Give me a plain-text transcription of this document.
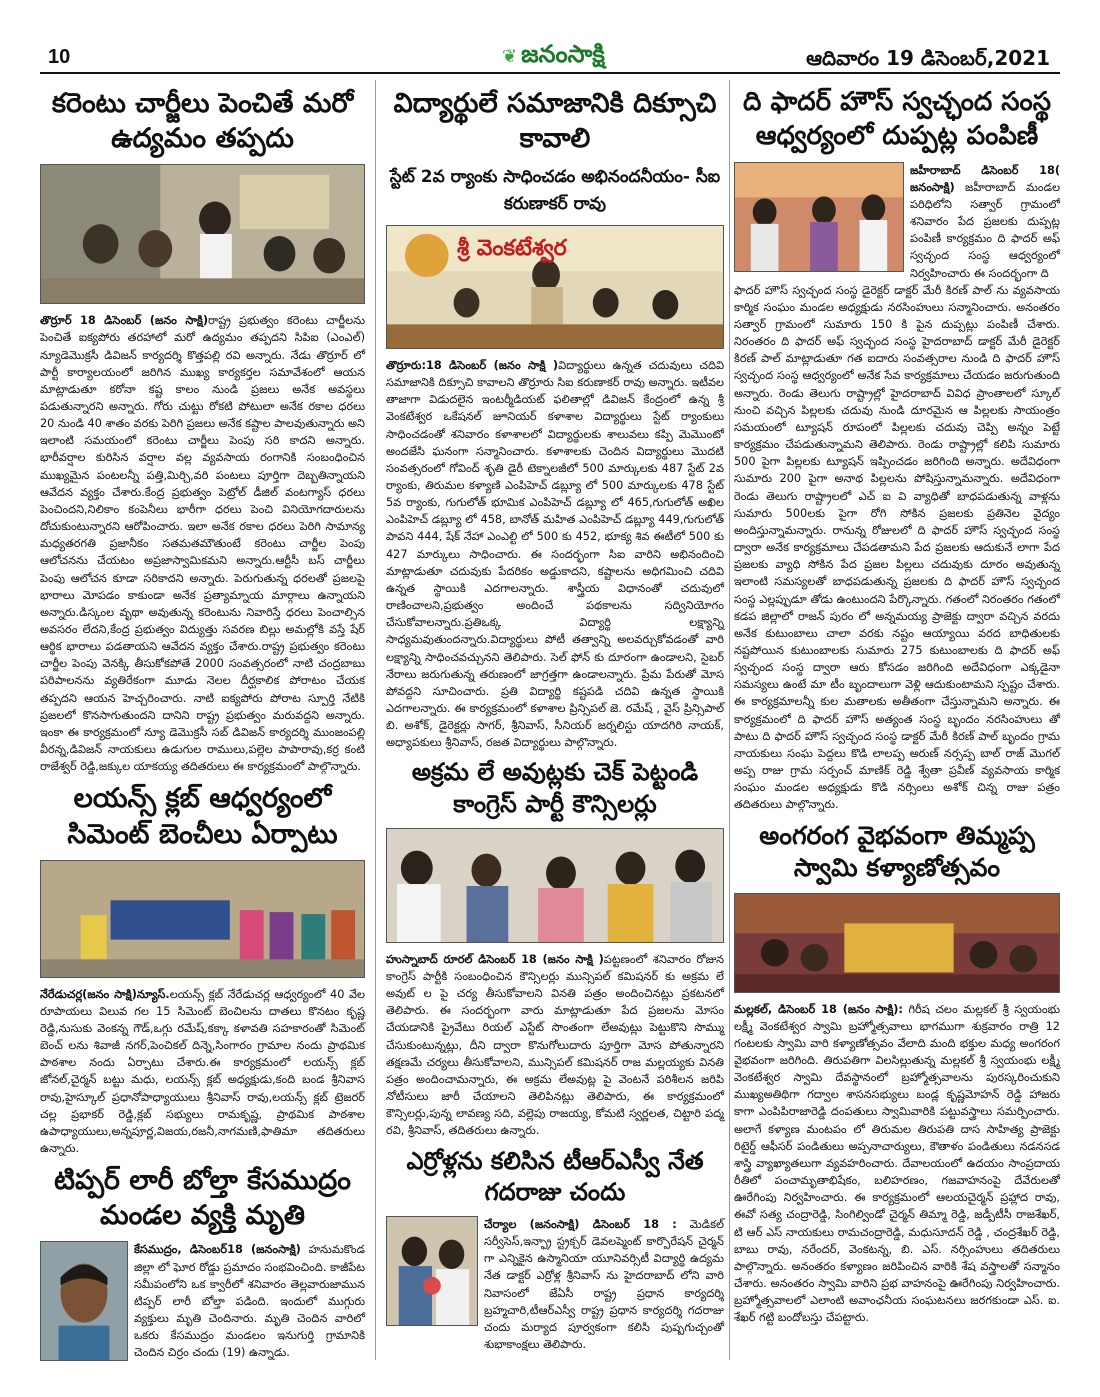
10	❦ జనంసాక్షి	ఆదివారం 19 డిసెంబర్,2021
కరెంటు చార్జీలు పెంచితే మరో ఉద్యమం తప్పదు

తొర్రూర్ 18 డిసెంబర్ (జనం సాక్షి)రాష్ట్ర ప్రభుత్వం కరెంటు చార్జీలను పెంచితే ఐక్యపోరు తరహాలో మరో ఉద్యమం తప్పదని సిపిఐ (ఎంఎల్) న్యూడెమొక్రసీ డివిజన్ కార్యదర్శి కొత్తపల్లి రవి అన్నారు. నేడు తొర్రూర్ లో పార్టీ కార్యాలయంలో జరిగిన ముఖ్య కార్యకర్తల సమావేశంలో ఆయన మాట్లాడుతూ కరోనా కష్ట కాలం నుండి ప్రజలు అనేక అవస్థలు పడుతున్నారని అన్నారు. గోరు చుట్టు రోకటి పోటులా అనేక రకాల ధరలు 20 నుండి 40 శాతం వరకు పెరిగి ప్రజలు అనేక కష్టాల పాలవుతున్నారు అని ఇలాంటి సమయంలో కరెంటు చార్జీలు పెంపు సరి కాదని అన్నారు. భారీవర్షాల కురిసిన వర్షాల వల్ల వ్యవసాయ రంగానికి సంబంధించిన ముఖ్యమైన పంటలన్నీ పత్తి,మిర్చి,వరి పంటలు పూర్తిగా దెబ్బతిన్నాయని ఆవేదన వ్యక్తం చేశారు.కేంద్ర ప్రభుత్వం పెట్రోల్ డీజిల్ వంటగ్యాస్ ధరలు పెంచిందని,నిలికాం కంపెనీలు భారీగా ధరలు పెంచి వినియోగదారులను దోచుకుంటున్నారని ఆరోపించారు. ఇలా అనేక రకాల ధరలు పెరిగి సామాన్య మధ్యతరగతి ప్రజానీకం సతమతమౌతుంటే కరెంటు చార్జీల పెంపు ఆలోచనను చేయటం అప్రజాస్వామికమని అన్నారు.ఆర్టీసీ బస్ చార్జీలు పెంపు ఆలోచన కూడా సరికాదని అన్నారు. పెరుగుతున్న ధరలతో ప్రజలపై భారాలు మోపడం కాకుండా అనేక ప్రత్యామ్నాయ మార్గాలు ఉన్నాయని అన్నారు.డిస్కంల వృథా అవుతున్న కరెంటును నివారిస్తే ధరలు పెంచాల్సిన అవసరం లేదని,కేంద్ర ప్రభుత్వం విద్యుత్తు సవరణ బిల్లు అమల్లోకి వస్తే షేర్ ఆర్థిక భారాలు పడతాయని ఆవేదన వ్యక్తం చేశారు.రాష్ట్ర ప్రభుత్వం కరెంటు చార్జీల పెంపు వెనక్కి తీసుకోకపోతే 2000 సంవత్సరంలో నాటి చంద్రబాబు పరిపాలనను వ్యతిరేకంగా మూడు నెలల దీర్ఘకాలిక పోరాటం చేయక తప్పదని ఆయన హెచ్చరించారు. నాటి ఐక్యపోరు పోరాట స్పూర్తి నేటికి ప్రజలలో కొనసాగుతుందని దానిని రాష్ట్ర ప్రభుత్వం మరువద్దని అన్నారు. ఇంకా ఈ కార్యక్రమంలో న్యూ డెమొక్రసీ సబ్ డివిజన్ కార్యదర్శి ముంజంపల్లి వీరన్న,డివిజన్ నాయకులు ఉడుగుల రాములు,పల్లెల పాపారావు,కర్ర కంటి రాజేశ్వర్ రెడ్డి,జక్కుల యాకయ్య తదితరులు ఈ కార్యక్రమంలో పాల్గొన్నారు.

లయన్స్ క్లబ్ ఆధ్వర్యంలో సిమెంట్ బెంచీలు ఏర్పాటు

నేరేడుచర్ల(జనం సాక్షి)న్యూస్.లయన్స్ క్లబ్ నేరేడుచర్ల ఆధ్వర్యంలో 40 వేల రూపాయలు విలువ గల 15 సిమెంట్ బెంచిలను దాతలు కొనటం కృష్ణ రెడ్డి,నుసుకు వెంకన్న గౌడ్,ఒగ్గు రమేష్,కక్కా కళావతి సహకారంతో సిమెంట్ బెంచ్ లను శివాజీ నగర్,పెంచికల్ దిన్నె,సింగారం గ్రామాల నందు ప్రాథమిక పాఠశాల నందు ఏర్పాటు చేశారు.ఈ కార్యక్రమంలో లయన్స్ క్లబ్ జోనల్,చైర్మన్ బట్టు మధు, లయన్స్ క్లబ్ అధ్యక్షుడు,కంది బండ శ్రీనివాస రావు,హైస్కూల్ ప్రధానోపాధ్యాయులు శ్రీనివాస్ రావు,లయన్స్ క్లబ్ ట్రెజరర్ చల్ల ప్రభాకర్ రెడ్డి,క్లబ్ సభ్యులు రామకృష్ణ, ప్రాథమిక పాఠశాల ఉపాధ్యాయులు,అన్నపూర్ణ,విజయ,రజనీ,నాగమణి,ఫాతిమా తదితరులు ఉన్నారు.

టిప్పర్ లారీ బోల్తా కేసముద్రం మండల వ్యక్తి మృతి

కేసముద్రం, డిసెంబర్18 (జనంసాక్షి) హనుమకొండ జిల్లా లో ఘోర రోడ్డు ప్రమాదం సంభవించింది. కాజీపేట సమీపంలోని ఒక క్వారీలో శనివారం తెల్లవారుజామున టిప్పర్ లారీ బోల్తా పడింది. ఇందులో ముగ్గురు వ్యక్తులు మృతి చెందినారు. మృతి చెందిన వారిలో ఒకరు కేసముద్రం మండలం ఇనుగుర్తి గ్రామానికి చెందిన చిర్రం చందు (19) ఉన్నాడు.

విద్యార్థులే సమాజానికి దిక్సూచి కావాలి
స్టేట్ 2వ ర్యాంకు సాధించడం అభినందనీయం- సీఐ కరుణాకర్ రావు
శ్రీ వెంకటేశ్వర

తొర్రూరు:18 డిసెంబర్ (జనం సాక్షి )విద్యార్థులు ఉన్నత చదువులు చదివి సమాజానికి దిక్సూచి కావాలని తొర్రూరు సిఐ కరుణాకర్ రావు అన్నారు. ఇటీవల తాజాగా విడుదలైన ఇంటర్మీడియట్ ఫలితాల్లో డివిజన్ కేంద్రంలో ఉన్న శ్రీ వెంకటేశ్వర ఒకేషనల్ జూనియర్ కళాశాల విద్యార్థులు స్టేట్ ర్యాంకులు సాధించడంతో శనివారం కళాశాలలో విద్యార్థులకు శాలువలు కప్పి మెమొంటో అందజేసి ఘనంగా సన్మానించారు. కళాశాలకు చెందిన విద్యార్థులు మొదటి సంవత్సరంలో గోవింద్ శృతి డైరీ టెక్నాలజీలో 500 మార్కులకు 487 స్టేట్ 2వ ర్యాంకు, తిరుమల కళ్యాణి ఎంపిహెచ్ డబ్ల్యూ లో 500 మార్కులకు 478 స్టేట్ 5వ ర్యాంకు, గుగులోత్ భూమిక ఎంపిహెచ్ డబ్ల్యూ లో 465,గుగులోత్ అఖిల ఎంపిహెచ్ డబ్ల్యూ లో 458, బానోత్ మహిత ఎంపిహెచ్ డబ్ల్యూ 449,గుగులోత్ పావని 444, షేక్ నేహా ఎంఎల్టి లో 500 కు 452, భూక్య శివ ఈటీలో 500 కు 427 మార్కులు సాధించారు. ఈ సందర్భంగా సిఐ వారిని అభినందించి మాట్లాడుతూ చదువుకు పేదరికం అడ్డుకాదని, కష్టాలను అధిగమించి చదివి ఉన్నత స్థాయికి ఎదగాలన్నారు. శాస్త్రీయ విధానంతో చదువులో రాణించాలని,ప్రభుత్వం అందించే పథకాలను సద్వినియోగం చేసుకోవాలన్నారు.ప్రతిఒక్క విద్యార్థి లక్ష్యాన్ని సాధ్యమవుతుందన్నారు.విద్యార్థులు పోటీ తత్వాన్ని అలవర్చుకోవడంతో వారి లక్ష్యాన్ని సాధించవచ్చునని తెలిపారు. సెల్ ఫోన్ కు దూరంగా ఉండాలని, సైబర్ నేరాలు జరుగుతున్న తరుణంలో జాగ్రత్తగా ఉండాలన్నారు. ప్రేమ పేరుతో మోస పోవద్దని సూచించారు. ప్రతి విద్యార్థి కష్టపడి చదివి ఉన్నత స్థాయికి ఎదగాలన్నారు. ఈ కార్యక్రమంలో కళాశాల ప్రిన్సిపల్ జె. రమేష్ , వైస్ ప్రిన్సిపాల్ బి. అశోక్, డైరెక్టర్లు సాగర్, శ్రీనివాస్, సీనియర్ జర్నలిస్టు యాదగిరి నాయక్, అధ్యాపకులు శ్రీనివాస్, రజత విద్యార్థులు పాల్గొన్నారు.

అక్రమ లే అవుట్లకు చెక్ పెట్టండి కాంగ్రెస్ పార్టీ కౌన్సిలర్లు

హుస్నాబాద్ రూరల్ డిసెంబర్ 18 (జనం సాక్షి )పట్టణంలో శనివారం రోజున కాంగ్రెస్ పార్టీకి సంబంధించిన కౌన్సిలర్లు మున్సిపల్ కమిషనర్ కు అక్రమ లే అవుట్ ల పై చర్య తీసుకోవాలని వినతి పత్రం అందించినట్లు ప్రకటనలో తెలిపారు. ఈ సందర్భంగా వారు మాట్లాడుతూ పేద ప్రజలను మోసం చేయడానికి ప్రైవేటు రియల్ ఎస్టేట్ సొంతంగా లేఅవుట్లు పెట్టుకొని సొమ్ము చేసుకుంటున్నట్లు, దీని ద్వారా కొనుగోలుదారు పూర్తిగా మోస పోతున్నారని తక్షణమే చర్యలు తీసుకోవాలని, మున్సిపల్ కమిషనర్ రాజ మల్లయ్యకు వినతి పత్రం అందించామన్నారు, ఈ అక్రమ లేఅవుట్ల పై వెంటనే పరిశీలన జరిపి నోటీసులు జారీ చేయాలని తెలిపినట్లు తెలిపారు, ఈ కార్యక్రమంలో కౌన్సిలర్లు,పున్న లావణ్య సది, వల్లెపు రాజయ్య, కోమటి స్వర్ణలత, చిట్టారి పద్మ రవి, శ్రీనివాస్, తదితరులు ఉన్నారు.

ఎర్రోళ్లను కలిసిన టీఆర్ఎస్వీ నేత గదరాజు చందు

చేర్యాల (జనంసాక్షి) డిసెంబర్ 18 : మెడికల్ సర్వీసెస్,ఇన్ఫ్రా స్ట్రక్చర్ డెవలప్మెంట్ కార్పొరేషన్ చైర్మన్ గా ఎన్నికైన ఉస్మానియా యూనివర్సిటీ విద్యార్థి ఉద్యమ నేత డాక్టర్ ఎర్రోళ్ల శ్రీనివాస్ ను హైదరాబాద్ లోని వారి నివాసంలో జేఏసీ రాష్ట్ర ప్రధాన కార్యదర్శి బ్రహ్మచారి,టీఆర్ఎస్వీ రాష్ట్ర ప్రధాన కార్యదర్శి గదరాజు చందు మర్యాద పూర్వకంగా కలిసి పుష్పగుచ్చంతో శుభాకాంక్షలు తెలిపారు.

ది ఫాదర్ హౌస్ స్వచ్ఛంద సంస్థ ఆధ్వర్యంలో దుప్పట్ల పంపిణీ

జహీరాబాద్ డిసెంబర్ 18( జనంసాక్షి) జహీరాబాద్ మండల పరిధిలోని సత్వార్ గ్రామంలో శనివారం పేద ప్రజలకు దుప్పట్ల పంపిణీ కార్యక్రమం ది ఫాదర్ అఫ్ స్వచ్ఛంద సంస్థ ఆధ్వర్యంలో నిర్వహించారు ఈ సందర్భంగా ది

ఫాదర్ హౌస్ స్వచ్ఛంద సంస్థ డైరెక్టర్ డాక్టర్ మేరీ కిరణ్ పాల్ ను వ్యవసాయ కార్మిక సంఘం మండల అధ్యక్షుడు నరసింహులు సన్మానించారు. అనంతరం సత్వార్ గ్రామంలో సుమారు 150 కి పైన దుప్పట్లు పంపిణీ చేశారు. నిరంతరం ది ఫాదర్ అఫ్ స్వచ్ఛంద సంస్థ హైదరాబాద్ డాక్టర్ మేరీ డైరెక్టర్ కిరణ్ పాల్ మాట్లాడుతూ గత ఐదారు సంవత్సరాల నుండి ది ఫాదర్ హౌస్ స్వచ్ఛంద సంస్థ ఆధ్వర్యంలో అనేక సేవ కార్యక్రమాలు చేయడం జరుగుతుంది అన్నారు. రెండు తెలుగు రాష్ట్రాల్లో హైదరాబాద్ వివిధ ప్రాంతాలలో స్కూల్ నుంచి వచ్చిన పిల్లలకు చదువు నుండి దూరమైన ఆ పిల్లలకు సాయంత్రం సమయంలో ట్యూషన్ రూపంలో పిల్లలకు చదువు చెప్పి అన్నం పెట్టే కార్యక్రమం చేపడుతున్నామని తెలిపారు. రెండు రాష్ట్రాల్లో కలిపి సుమారు 500 పైగా పిల్లలకు ట్యూషన్ ఇప్పించడం జరిగింది అన్నారు. అదేవిధంగా సుమారు 200 పైగా అనాథ పిల్లలను పోషిస్తున్నామన్నారు. అదేవిధంగా రెండు తెలుగు రాష్ట్రాలలో ఎచ్ ఐ వి వ్యాధితో బాధపడుతున్న వాళ్లను సుమారు 500లకు పైగా రోగి సోకిన ప్రజలకు ప్రతినెల వైద్యం అందిస్తున్నామన్నారు. రానున్న రోజులలో ది ఫాదర్ హౌస్ స్వచ్ఛంద సంస్థ ద్వారా అనేక కార్యక్రమాలు చేపడతామని పేద ప్రజలకు ఆదుకునే లాగా పేద ప్రజలకు వ్యాధి సోకిన పేద ప్రజల పిల్లలు చదువుకు దూరం అవుతున్న ఇలాంటి సమస్యలతో బాధపడుతున్న ప్రజలకు ది ఫాదర్ హౌస్ స్వచ్ఛంద సంస్థ ఎల్లప్పుడూ తోడు ఉంటుందని పేర్కొన్నారు. గతంలో నిరంతరం గతంలో కడప జిల్లాలో రాజన్ పురం లో అన్నమయ్య ప్రాజెక్టు ద్వారా వచ్చిన వరదు అనేక కుటుంబాలు చాలా వరకు నష్టం ఆయ్యాయి వరద బాధితులకు నష్టపోయిన కుటుంబాలకు సుమారు 275 కుటుంబాలకు ది ఫాదర్ అఫ్ స్వచ్ఛంద సంస్థ ద్వారా ఆరు కోసడం జరిగింది అదేవిధంగా ఎక్కడైనా సమస్యలు ఉంటే మా టీం బృందాలుగా వెళ్లి ఆదుకుంటామని స్పష్టం చేశారు. ఈ కార్యక్రమాలన్నీ కుల మతాలకు అతీతంగా చేస్తున్నామని అన్నారు. ఈ కార్యక్రమంలో ది ఫాదర్ హౌస్ అత్యంత సంస్థ బృందం నరసింహులు తో పాటు ది ఫాదర్ హౌస్ స్వచ్ఛంద సంస్థ డాక్టర్ మేరీ కిరణ్ పాల్ బృందం గ్రామ నాయకులు సంఘ పెద్దలు కొడి లాలప్ప అరుణ్ నర్సప్ప బాల్ రాజ్ మొగల్ అప్ప రాజు గ్రామ సర్పంచ్ మాణిక్ రెడ్డి శ్వేతా ప్రవీణ్ వ్యవసాయ కార్మిక సంఘం మండల అధ్యక్షుడు కొడి నర్సింలు అశోక్ చిన్న రాజు పత్రం తదితరులు పాల్గొన్నారు.

అంగరంగ వైభవంగా తిమ్మప్ప స్వామి కళ్యాణోత్సవం

మల్లకల్, డిసెంబర్ 18 (జనం సాక్షి): గిరీష చలం మల్లకల్ శ్రీ స్వయంభు లక్ష్మీ వెంకటేశ్వర స్వామి బ్రహ్మోత్సవాలు భాగముగా శుక్రవారం రాత్రి 12 గంటలకు స్వామి వారి కళ్యాణోత్సవం వేలాది మంది భక్తుల మధ్య అంగరంగ వైభవంగా జరిగింది. తిరుపతిగా విలసిల్లుతున్న మల్లకల్ శ్రీ స్వయంభు లక్ష్మీ వెంకటేశ్వర స్వామి దేవస్థానంలో బ్రహ్మోత్సవాలను పురస్కరించుకుని ముఖ్యఅతిథిగా గద్వాల శాసనసభ్యులు బండ్ల కృష్ణమోహన్ రెడ్డి హాజరు కాగా ఎంపిపిరాజారెడ్డి దంపతులు స్వామివారికి పట్టువస్త్రాలు సమర్పించారు. అలాగే కళ్యాణ మంటపం లో తిరుమల తిరుపతి దాస సాహిత్య ప్రాజెక్టు రిటైర్డ్ ఆఫీసర్ పండితులు అప్పనాచార్యులు, కౌతాళం పండితులు నడనసడ శాస్త్రి వ్యాఖ్యాతలుగా వ్యవహరించారు. దేవాలయంలో ఉదయం సాంప్రదాయ రీతిలో పంచామృతాభిషేకం, బలిహరణం, గజవాహనంపై దేవేరులతో ఊరేగింపు నిర్వహించారు. ఈ కార్యక్రమంలో ఆలయచైర్మన్ ప్రహ్లాద రావు, ఈవో సత్య చంద్రారెడ్డి, సింగిల్విండో చైర్మన్ తిమ్మా రెడ్డి, జడ్పీటీసీ రాజశేఖర్, టి ఆర్ ఎస్ నాయకులు రామచంద్రారెడ్డి, మధుసూదన్ రెడ్డి , చంద్రశేఖర్ రెడ్డి, బాబు రావు, నరేందర్, వెంకటన్న, బి. ఎస్. నర్సింహులు తదితరులు పాల్గొన్నారు. అనంతరం కళ్యాణం జరిపించిన వారికి శేష వస్త్రాలతో సన్మానం చేశారు. అనంతరం స్వామి వారిని ప్రభ వాహనంపై ఊరేగింపు నిర్వహించారు. బ్రహ్మోత్సవాలలో ఎలాంటి అవాంఛనీయ సంఘటనలు జరగకుండా ఎస్. ఐ. శేఖర్ గట్టి బందోబస్తు చేపట్టారు.
